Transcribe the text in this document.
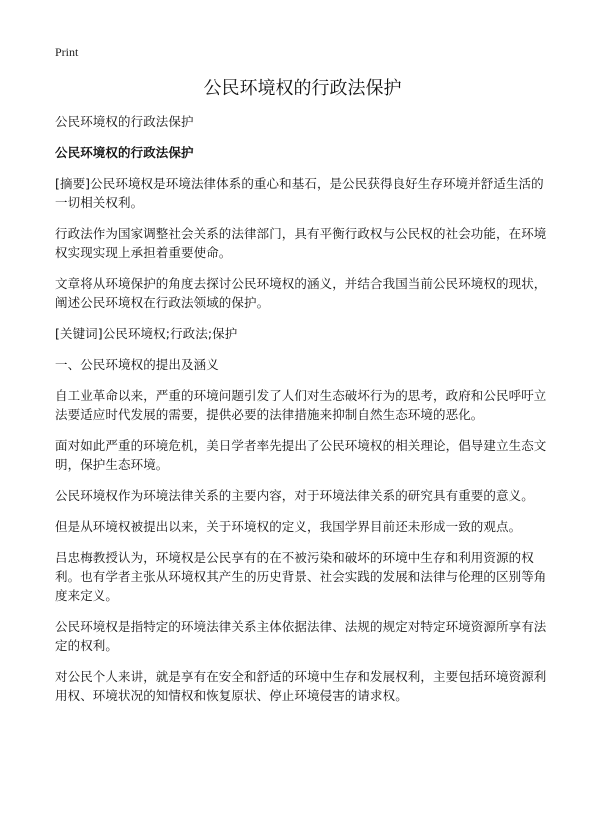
Print
公民环境权的行政法保护

公民环境权的行政法保护

公民环境权的行政法保护

[摘要]公民环境权是环境法律体系的重心和基石，是公民获得良好生存环境并舒适生活的一切相关权利。

行政法作为国家调整社会关系的法律部门，具有平衡行政权与公民权的社会功能，在环境权实现实现上承担着重要使命。

文章将从环境保护的角度去探讨公民环境权的涵义，并结合我国当前公民环境权的现状，阐述公民环境权在行政法领域的保护。

[关键词]公民环境权;行政法;保护

一、公民环境权的提出及涵义

自工业革命以来，严重的环境问题引发了人们对生态破坏行为的思考，政府和公民呼吁立法要适应时代发展的需要，提供必要的法律措施来抑制自然生态环境的恶化。

面对如此严重的环境危机，美日学者率先提出了公民环境权的相关理论，倡导建立生态文明，保护生态环境。

公民环境权作为环境法律关系的主要内容，对于环境法律关系的研究具有重要的意义。

但是从环境权被提出以来，关于环境权的定义，我国学界目前还未形成一致的观点。

吕忠梅教授认为，环境权是公民享有的在不被污染和破坏的环境中生存和利用资源的权利。也有学者主张从环境权其产生的历史背景、社会实践的发展和法律与伦理的区别等角度来定义。

公民环境权是指特定的环境法律关系主体依据法律、法规的规定对特定环境资源所享有法定的权利。

对公民个人来讲，就是享有在安全和舒适的环境中生存和发展权利，主要包括环境资源利用权、环境状况的知情权和恢复原状、停止环境侵害的请求权。
